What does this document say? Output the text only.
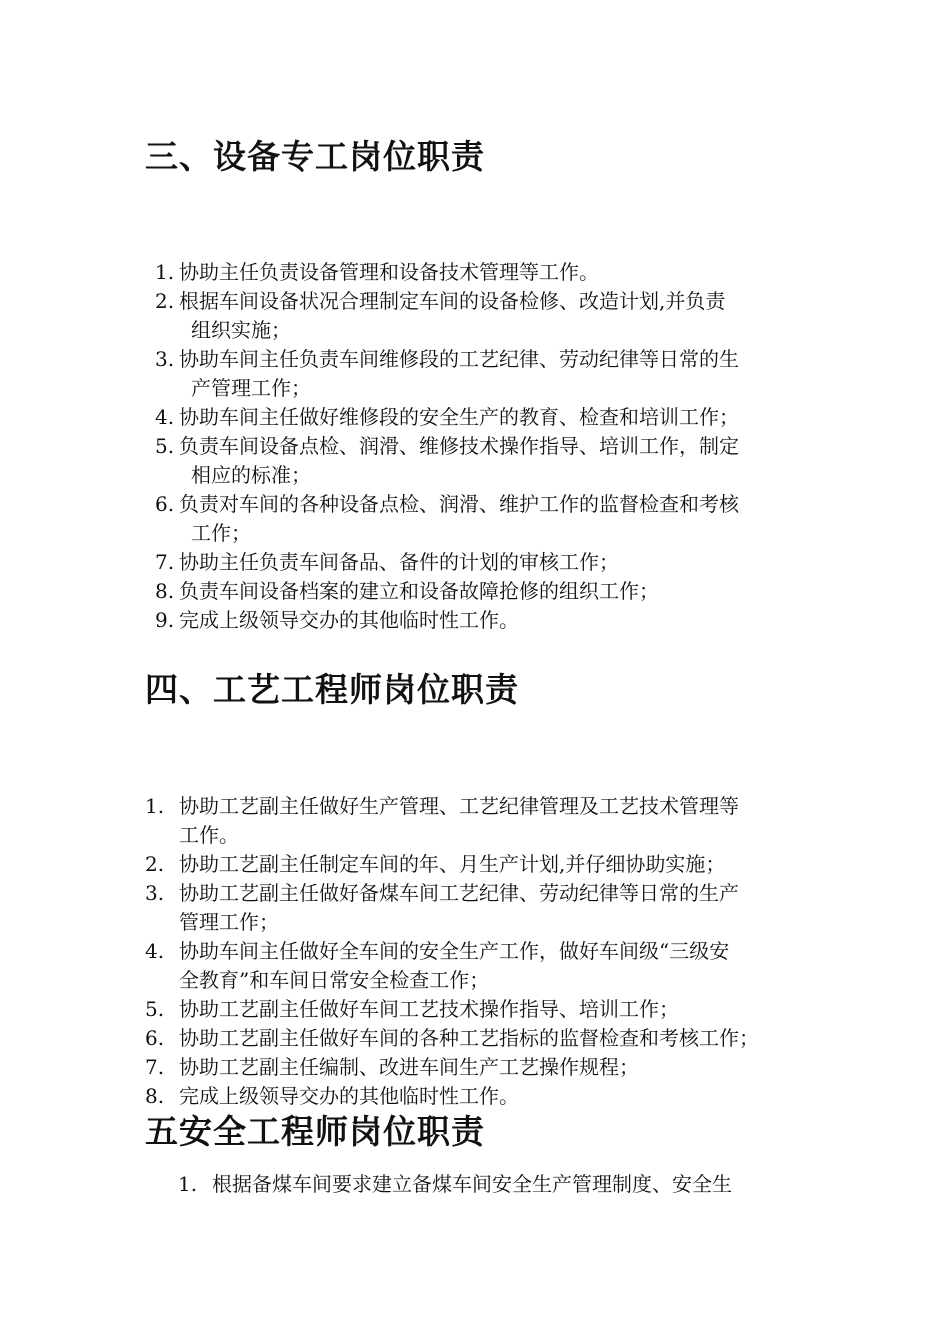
三、设备专工岗位职责
1. 协助主任负责设备管理和设备技术管理等工作。
2. 根据车间设备状况合理制定车间的设备检修、改造计划,并负责
组织实施；
3. 协助车间主任负责车间维修段的工艺纪律、劳动纪律等日常的生
产管理工作；
4. 协助车间主任做好维修段的安全生产的教育、检查和培训工作；
5. 负责车间设备点检、润滑、维修技术操作指导、培训工作，制定
相应的标准；
6. 负责对车间的各种设备点检、润滑、维护工作的监督检查和考核
工作；
7. 协助主任负责车间备品、备件的计划的审核工作；
8. 负责车间设备档案的建立和设备故障抢修的组织工作；
9. 完成上级领导交办的其他临时性工作。
四、工艺工程师岗位职责
1. 协助工艺副主任做好生产管理、工艺纪律管理及工艺技术管理等
工作。
2. 协助工艺副主任制定车间的年、月生产计划,并仔细协助实施；
3. 协助工艺副主任做好备煤车间工艺纪律、劳动纪律等日常的生产
管理工作；
4. 协助车间主任做好全车间的安全生产工作，做好车间级“三级安
全教育”和车间日常安全检查工作；
5. 协助工艺副主任做好车间工艺技术操作指导、培训工作；
6. 协助工艺副主任做好车间的各种工艺指标的监督检查和考核工作；
7. 协助工艺副主任编制、改进车间生产工艺操作规程；
8. 完成上级领导交办的其他临时性工作。
五安全工程师岗位职责
1. 根据备煤车间要求建立备煤车间安全生产管理制度、安全生
